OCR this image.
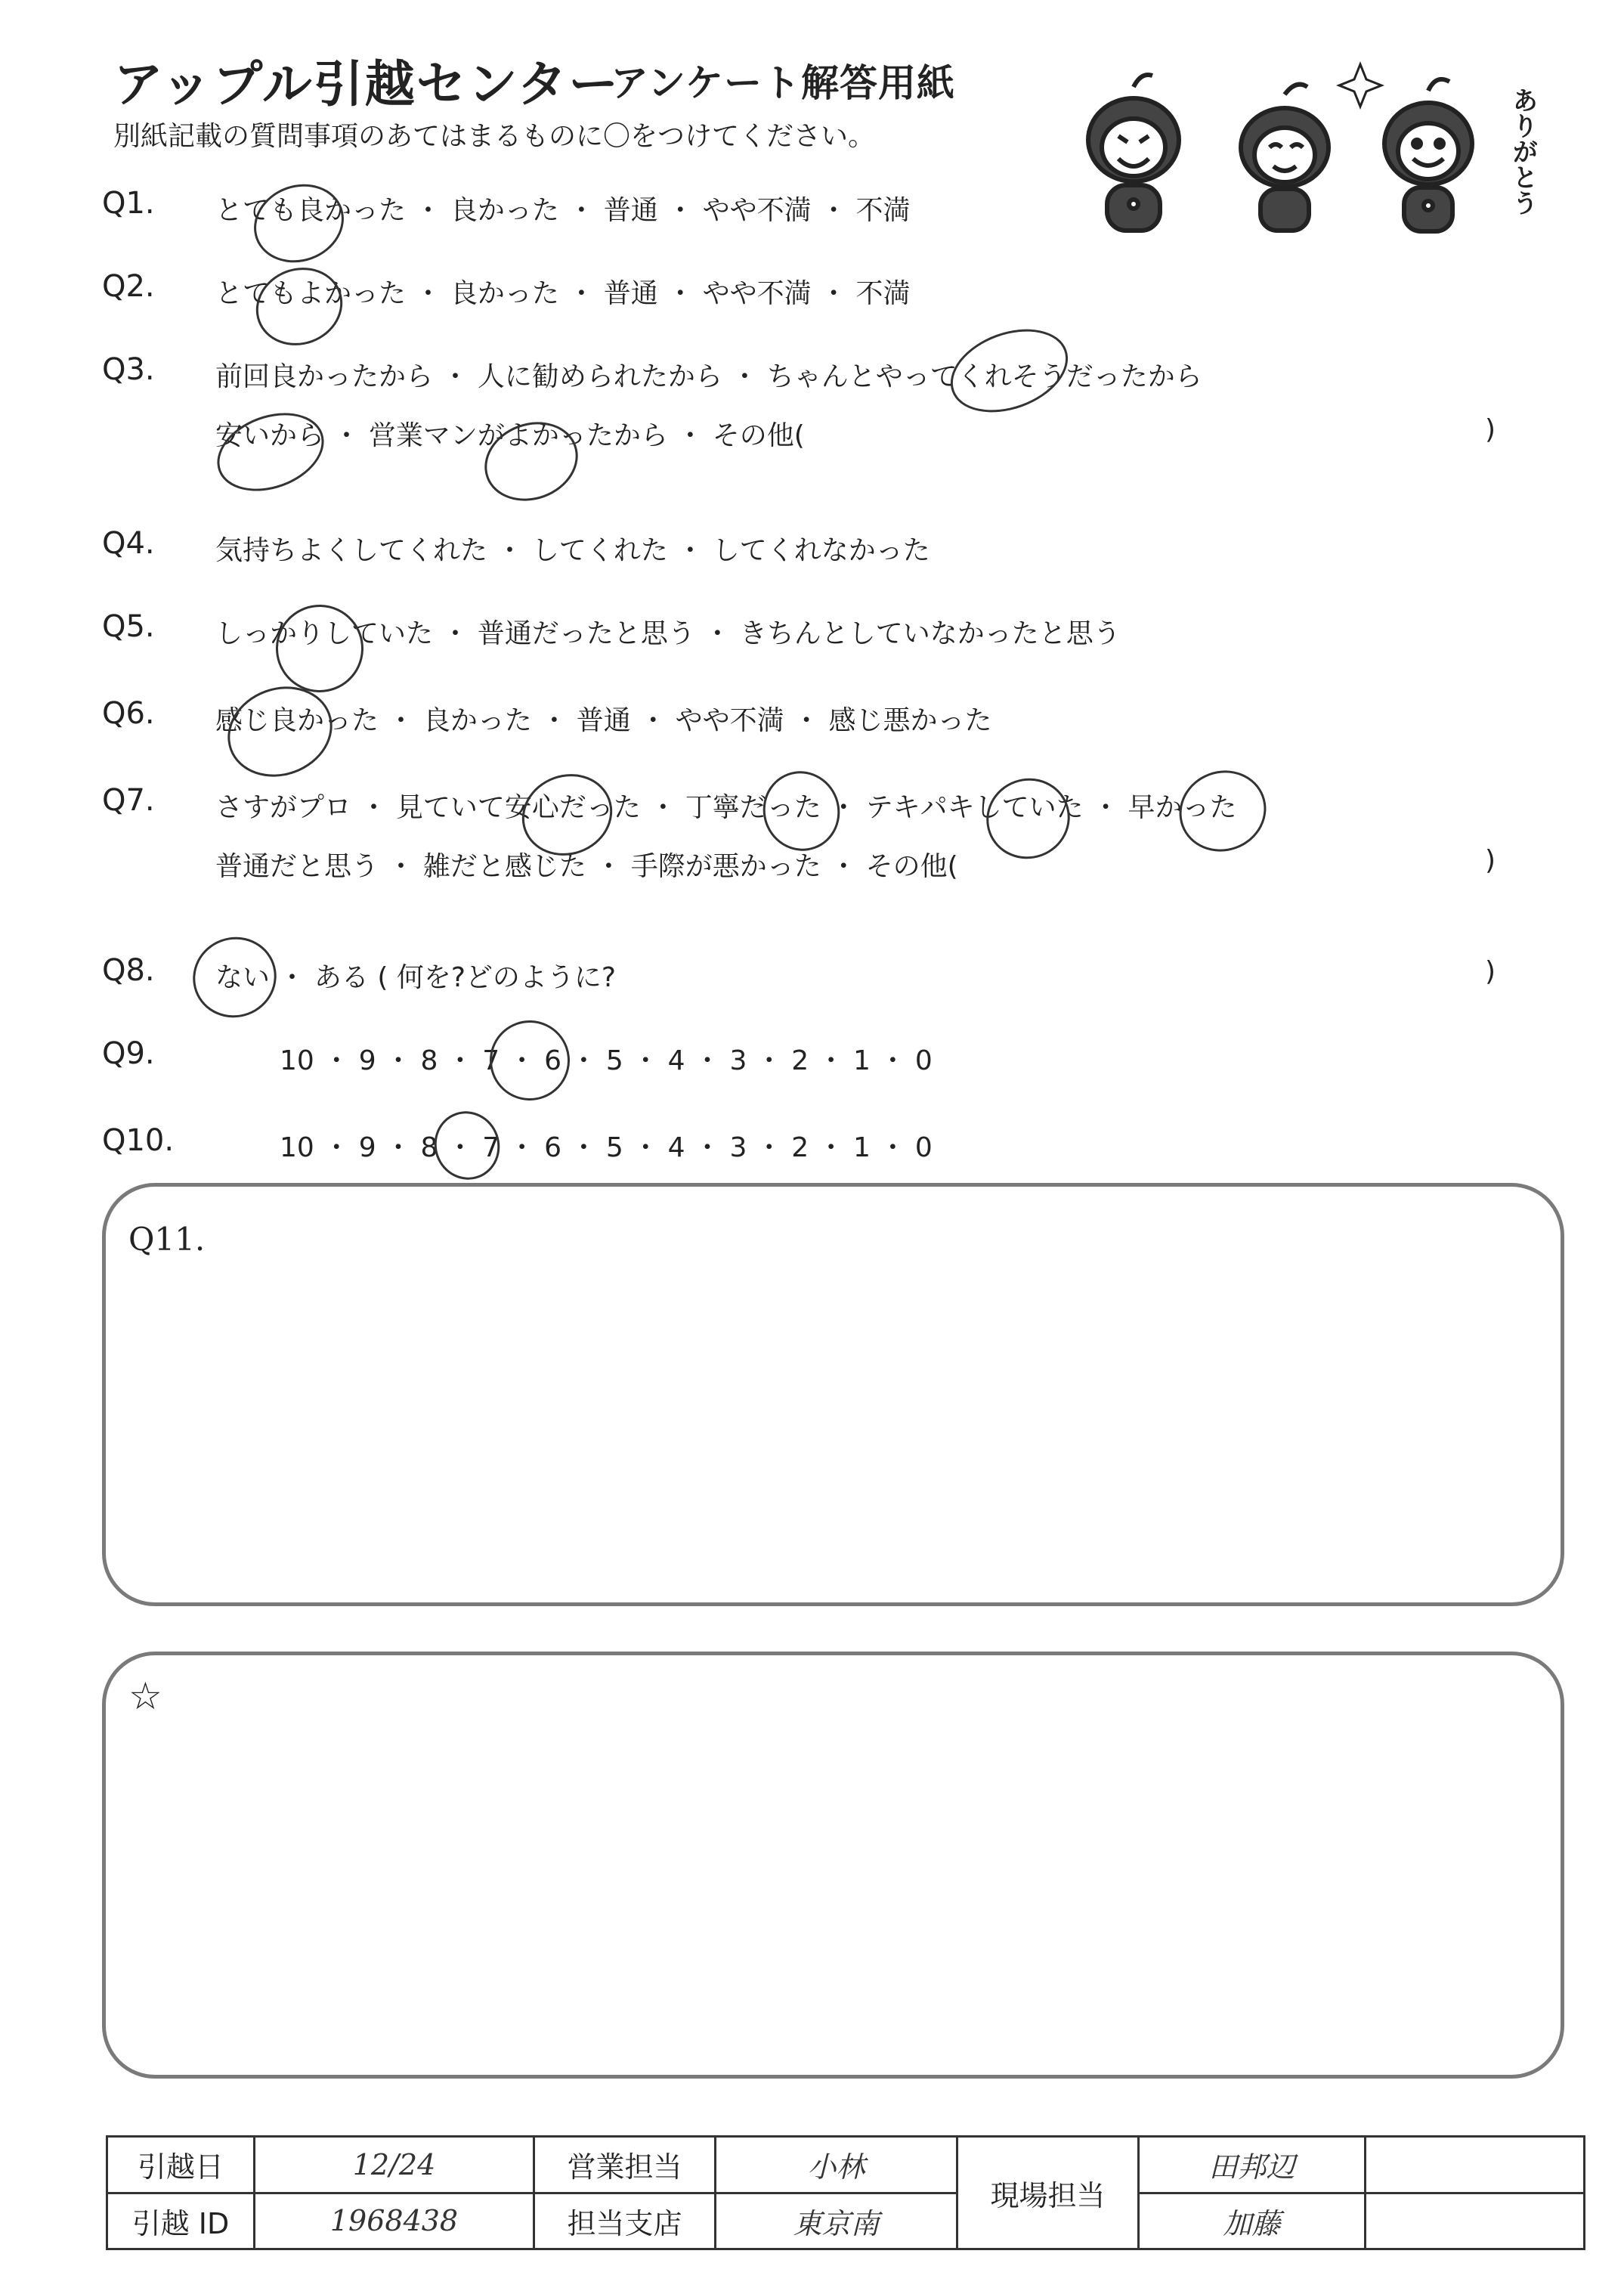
アップル引越センター
アンケート解答用紙
別紙記載の質問事項のあてはまるものに〇をつけてください。	ありがとう
Q1. とても良かった ・ 良かった ・ 普通 ・ やや不満 ・ 不満
Q2. とてもよかった ・ 良かった ・ 普通 ・ やや不満 ・ 不満
Q3. 前回良かったから ・ 人に勧められたから ・ ちゃんとやってくれそうだったから
安いから ・ 営業マンがよかったから ・ その他(	)
Q4. 気持ちよくしてくれた ・ してくれた ・ してくれなかった
Q5. しっかりしていた ・ 普通だったと思う ・ きちんとしていなかったと思う
Q6. 感じ良かった ・ 良かった ・ 普通 ・ やや不満 ・ 感じ悪かった
Q7. さすがプロ ・ 見ていて安心だった ・ 丁寧だった ・ テキパキしていた ・ 早かった
普通だと思う ・ 雑だと感じた ・ 手際が悪かった ・ その他(	)
Q8. ない ・ ある ( 何を?どのように?	)
Q9.	10 ・ 9 ・ 8 ・ 7 ・ 6 ・ 5 ・ 4 ・ 3 ・ 2 ・ 1 ・ 0
Q10.	10 ・ 9 ・ 8 ・ 7 ・ 6 ・ 5 ・ 4 ・ 3 ・ 2 ・ 1 ・ 0
Q11.
☆
引越日	12/24	営業担当	小林	現場担当	田邦辺	
引越 ID	1968438	担当支店	東京南		加藤	
